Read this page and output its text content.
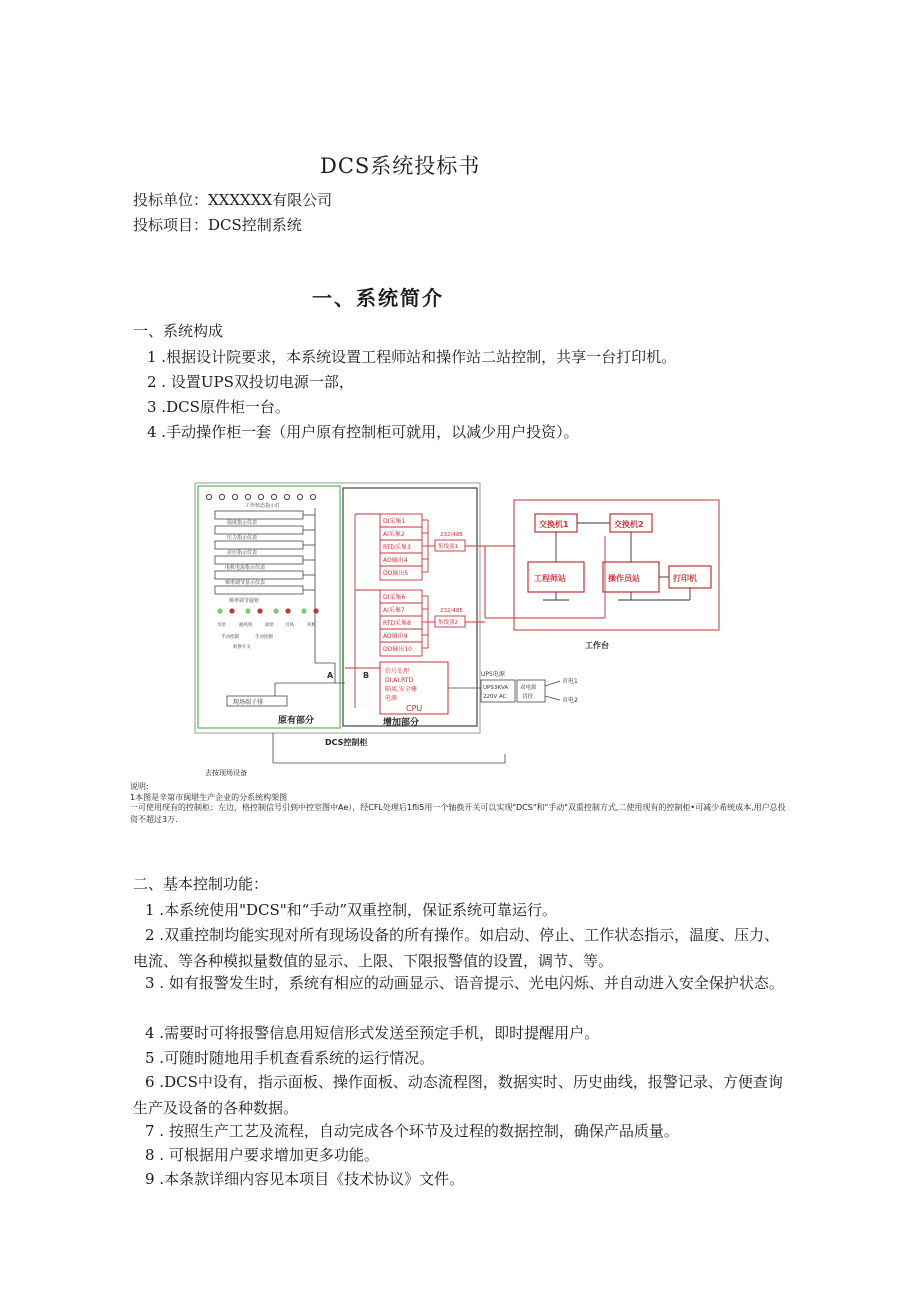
DCS系统投标书
投标单位：XXXXXX有限公司
投标项目：DCS控制系统
一、系统简介
一、系统构成
1 .根据设计院要求，本系统设置工程师站和操作站二站控制，共享一台打印机。
2 . 设置UPS双投切电源一部，
3 .DCS原件柜一台。
4 .手动操作柜一套（用户原有控制柜可就用，以减少用户投资）。
工作状态指示灯
温度指示仪表
压力指示仪表
差压指示仪表
电机电流指示仪表
频率调节显示仪表
频率调节旋钮
水泵	抽风机	油泵 引风	风机
手动控制	手动控制
转换开关
现场端子排
A	B
原有部分	增加部分
DCS控制柜
去按现场设备
DI采集1
AI采集2
RTD采集3
AO输出4
DO输出5
232/485
集线器1
DI采集6
AI采集7
RTD采集8
AO输出9
DO输出10
232/485
集线器2
信号处理
DI,AI,RTD
隔离,安全栅
电源
CPU
工作台
交换机1	交换机2
工程师站	操作员站	打印机
UPS电源
UPS3KVA
220V AC
双电源
切投
市电1
市电2
说明:
1本图是辛第市闽堪生产企业的分系统构架图
一可使用现有的控制柜：左边，格控制信号引到中控室图中Ae），经CFL处理后1fli5用一个轴换开关可以实现"DCS"和"手动"双重控制方式,二使用现有的控制柜•可减少希统成本,用户总投资不超过3万.
二、基本控制功能：
1 .本系统使用"DCS"和“手动”双重控制，保证系统可靠运行。
2 .双重控制均能实现对所有现场设备的所有操作。如启动、停止、工作状态指示，温度、压力、电流、等各种模拟量数值的显示、上限、下限报警值的设置，调节、等。
3 . 如有报警发生时，系统有相应的动画显示、语音提示、光电闪烁、并自动进入安全保护状态。
4 .需要时可将报警信息用短信形式发送至预定手机，即时提醒用户。
5 .可随时随地用手机查看系统的运行情况。
6 .DCS中设有，指示面板、操作面板、动态流程图，数据实时、历史曲线，报警记录、方便查询生产及设备的各种数据。
7 . 按照生产工艺及流程，自动完成各个环节及过程的数据控制，确保产品质量。
8 . 可根据用户要求增加更多功能。
9 .本条款详细内容见本项目《技术协议》文件。
